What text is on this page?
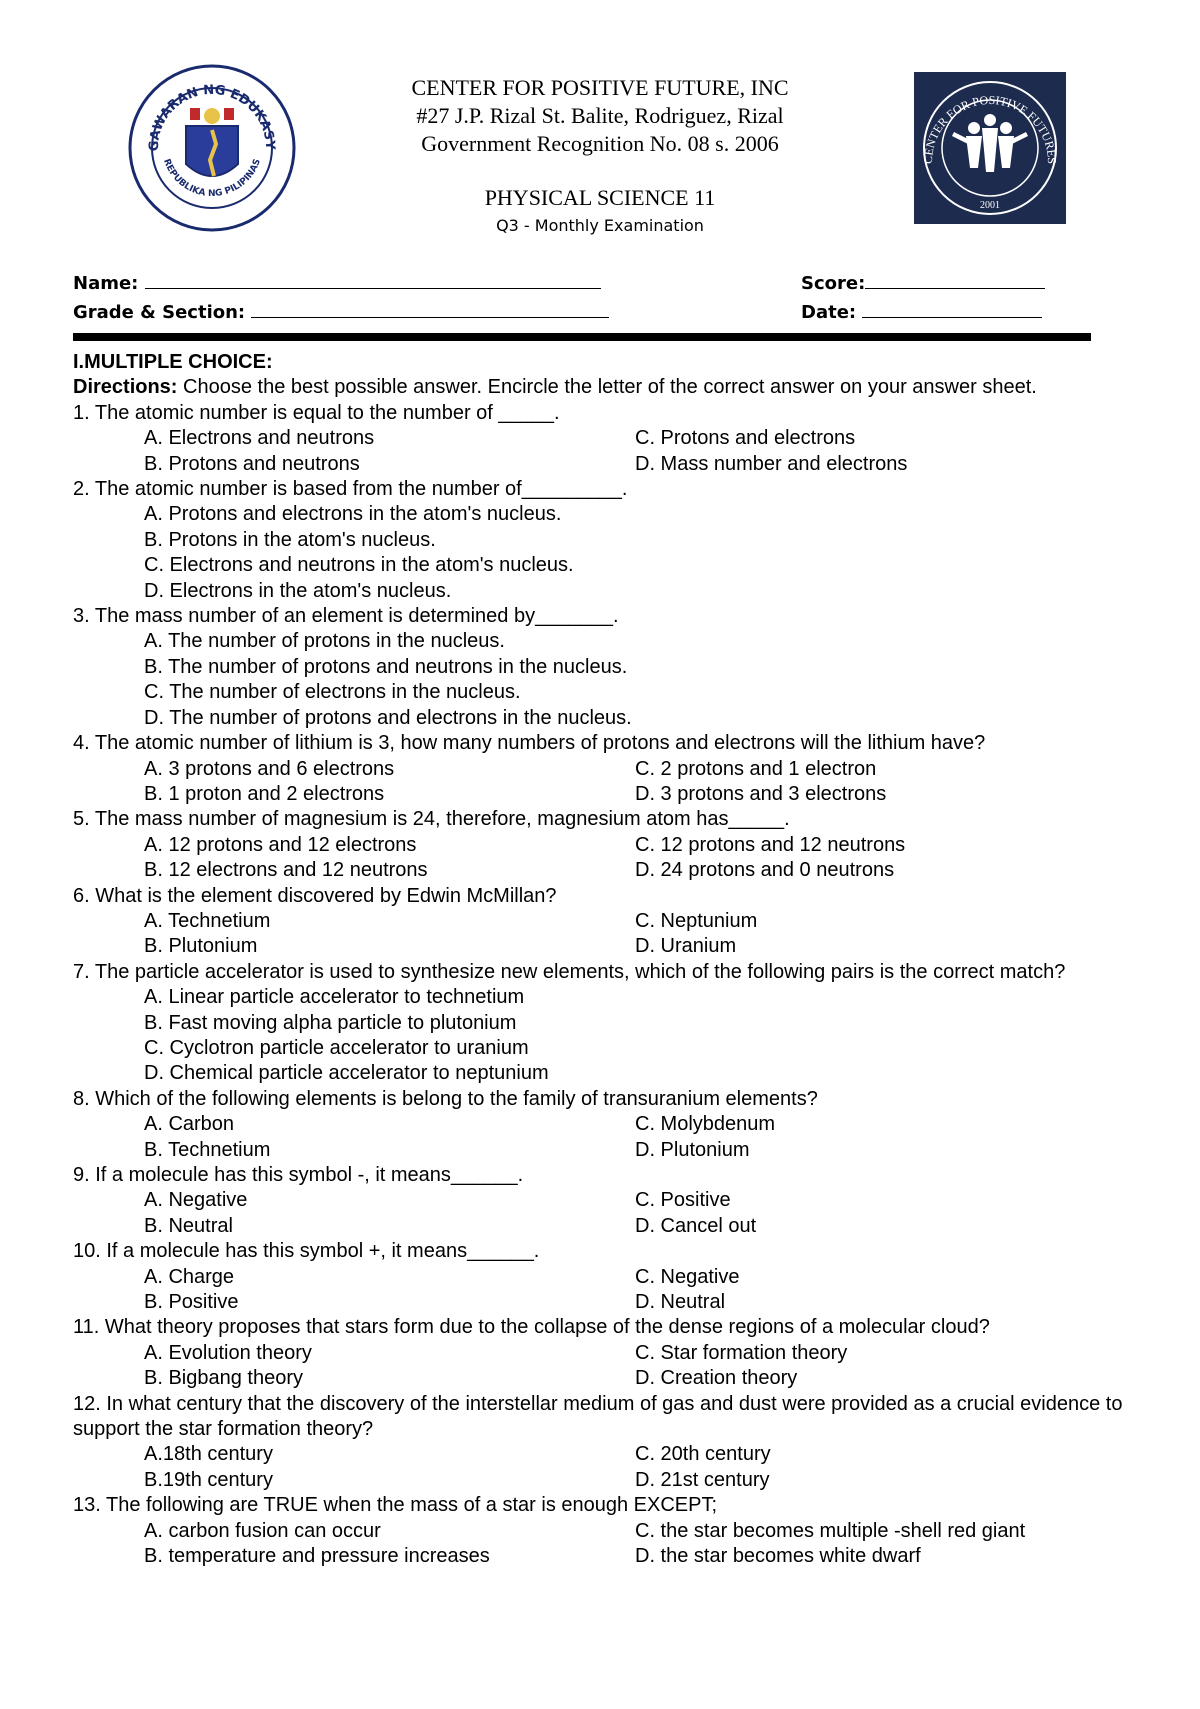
GAWARAN NG EDUKASY
REPUBLIKA NG PILIPINAS
CENTER FOR POSITIVE FUTURE, INC
#27 J.P. Rizal St. Balite, Rodriguez, Rizal
Government Recognition No. 08 s. 2006
PHYSICAL SCIENCE 11
Q3 - Monthly Examination
CENTER FOR POSITIVE FUTURES
2001
Name:	Score:
Grade & Section:	Date:
I.MULTIPLE CHOICE:
Directions: Choose the best possible answer. Encircle the letter of the correct answer on your answer sheet.
1. The atomic number is equal to the number of _____.
A. Electrons and neutrons	C. Protons and electrons
B. Protons and neutrons	D. Mass number and electrons
2. The atomic number is based from the number of_________.
A. Protons and electrons in the atom's nucleus.
B. Protons in the atom's nucleus.
C. Electrons and neutrons in the atom's nucleus.
D. Electrons in the atom's nucleus.
3. The mass number of an element is determined by_______.
A. The number of protons in the nucleus.
B. The number of protons and neutrons in the nucleus.
C. The number of electrons in the nucleus.
D. The number of protons and electrons in the nucleus.
4. The atomic number of lithium is 3, how many numbers of protons and electrons will the lithium have?
A. 3 protons and 6 electrons	C. 2 protons and 1 electron
B. 1 proton and 2 electrons	D. 3 protons and 3 electrons
5. The mass number of magnesium is 24, therefore, magnesium atom has_____.
A. 12 protons and 12 electrons	C. 12 protons and 12 neutrons
B. 12 electrons and 12 neutrons	D. 24 protons and 0 neutrons
6. What is the element discovered by Edwin McMillan?
A. Technetium	C. Neptunium
B. Plutonium	D. Uranium
7. The particle accelerator is used to synthesize new elements, which of the following pairs is the correct match?
A. Linear particle accelerator to technetium
B. Fast moving alpha particle to plutonium
C. Cyclotron particle accelerator to uranium
D. Chemical particle accelerator to neptunium
8. Which of the following elements is belong to the family of transuranium elements?
A. Carbon	C. Molybdenum
B. Technetium	D. Plutonium
9. If a molecule has this symbol -, it means______.
A. Negative	C. Positive
B. Neutral	D. Cancel out
10. If a molecule has this symbol +, it means______.
A. Charge	C. Negative
B. Positive	D. Neutral
11. What theory proposes that stars form due to the collapse of the dense regions of a molecular cloud?
A. Evolution theory	C. Star formation theory
B. Bigbang theory	D. Creation theory
12. In what century that the discovery of the interstellar medium of gas and dust were provided as a crucial evidence to support the star formation theory?
A.18th century	C. 20th century
B.19th century	D. 21st century
13. The following are TRUE when the mass of a star is enough EXCEPT;
A. carbon fusion can occur	C. the star becomes multiple -shell red giant
B. temperature and pressure increases	D. the star becomes white dwarf
